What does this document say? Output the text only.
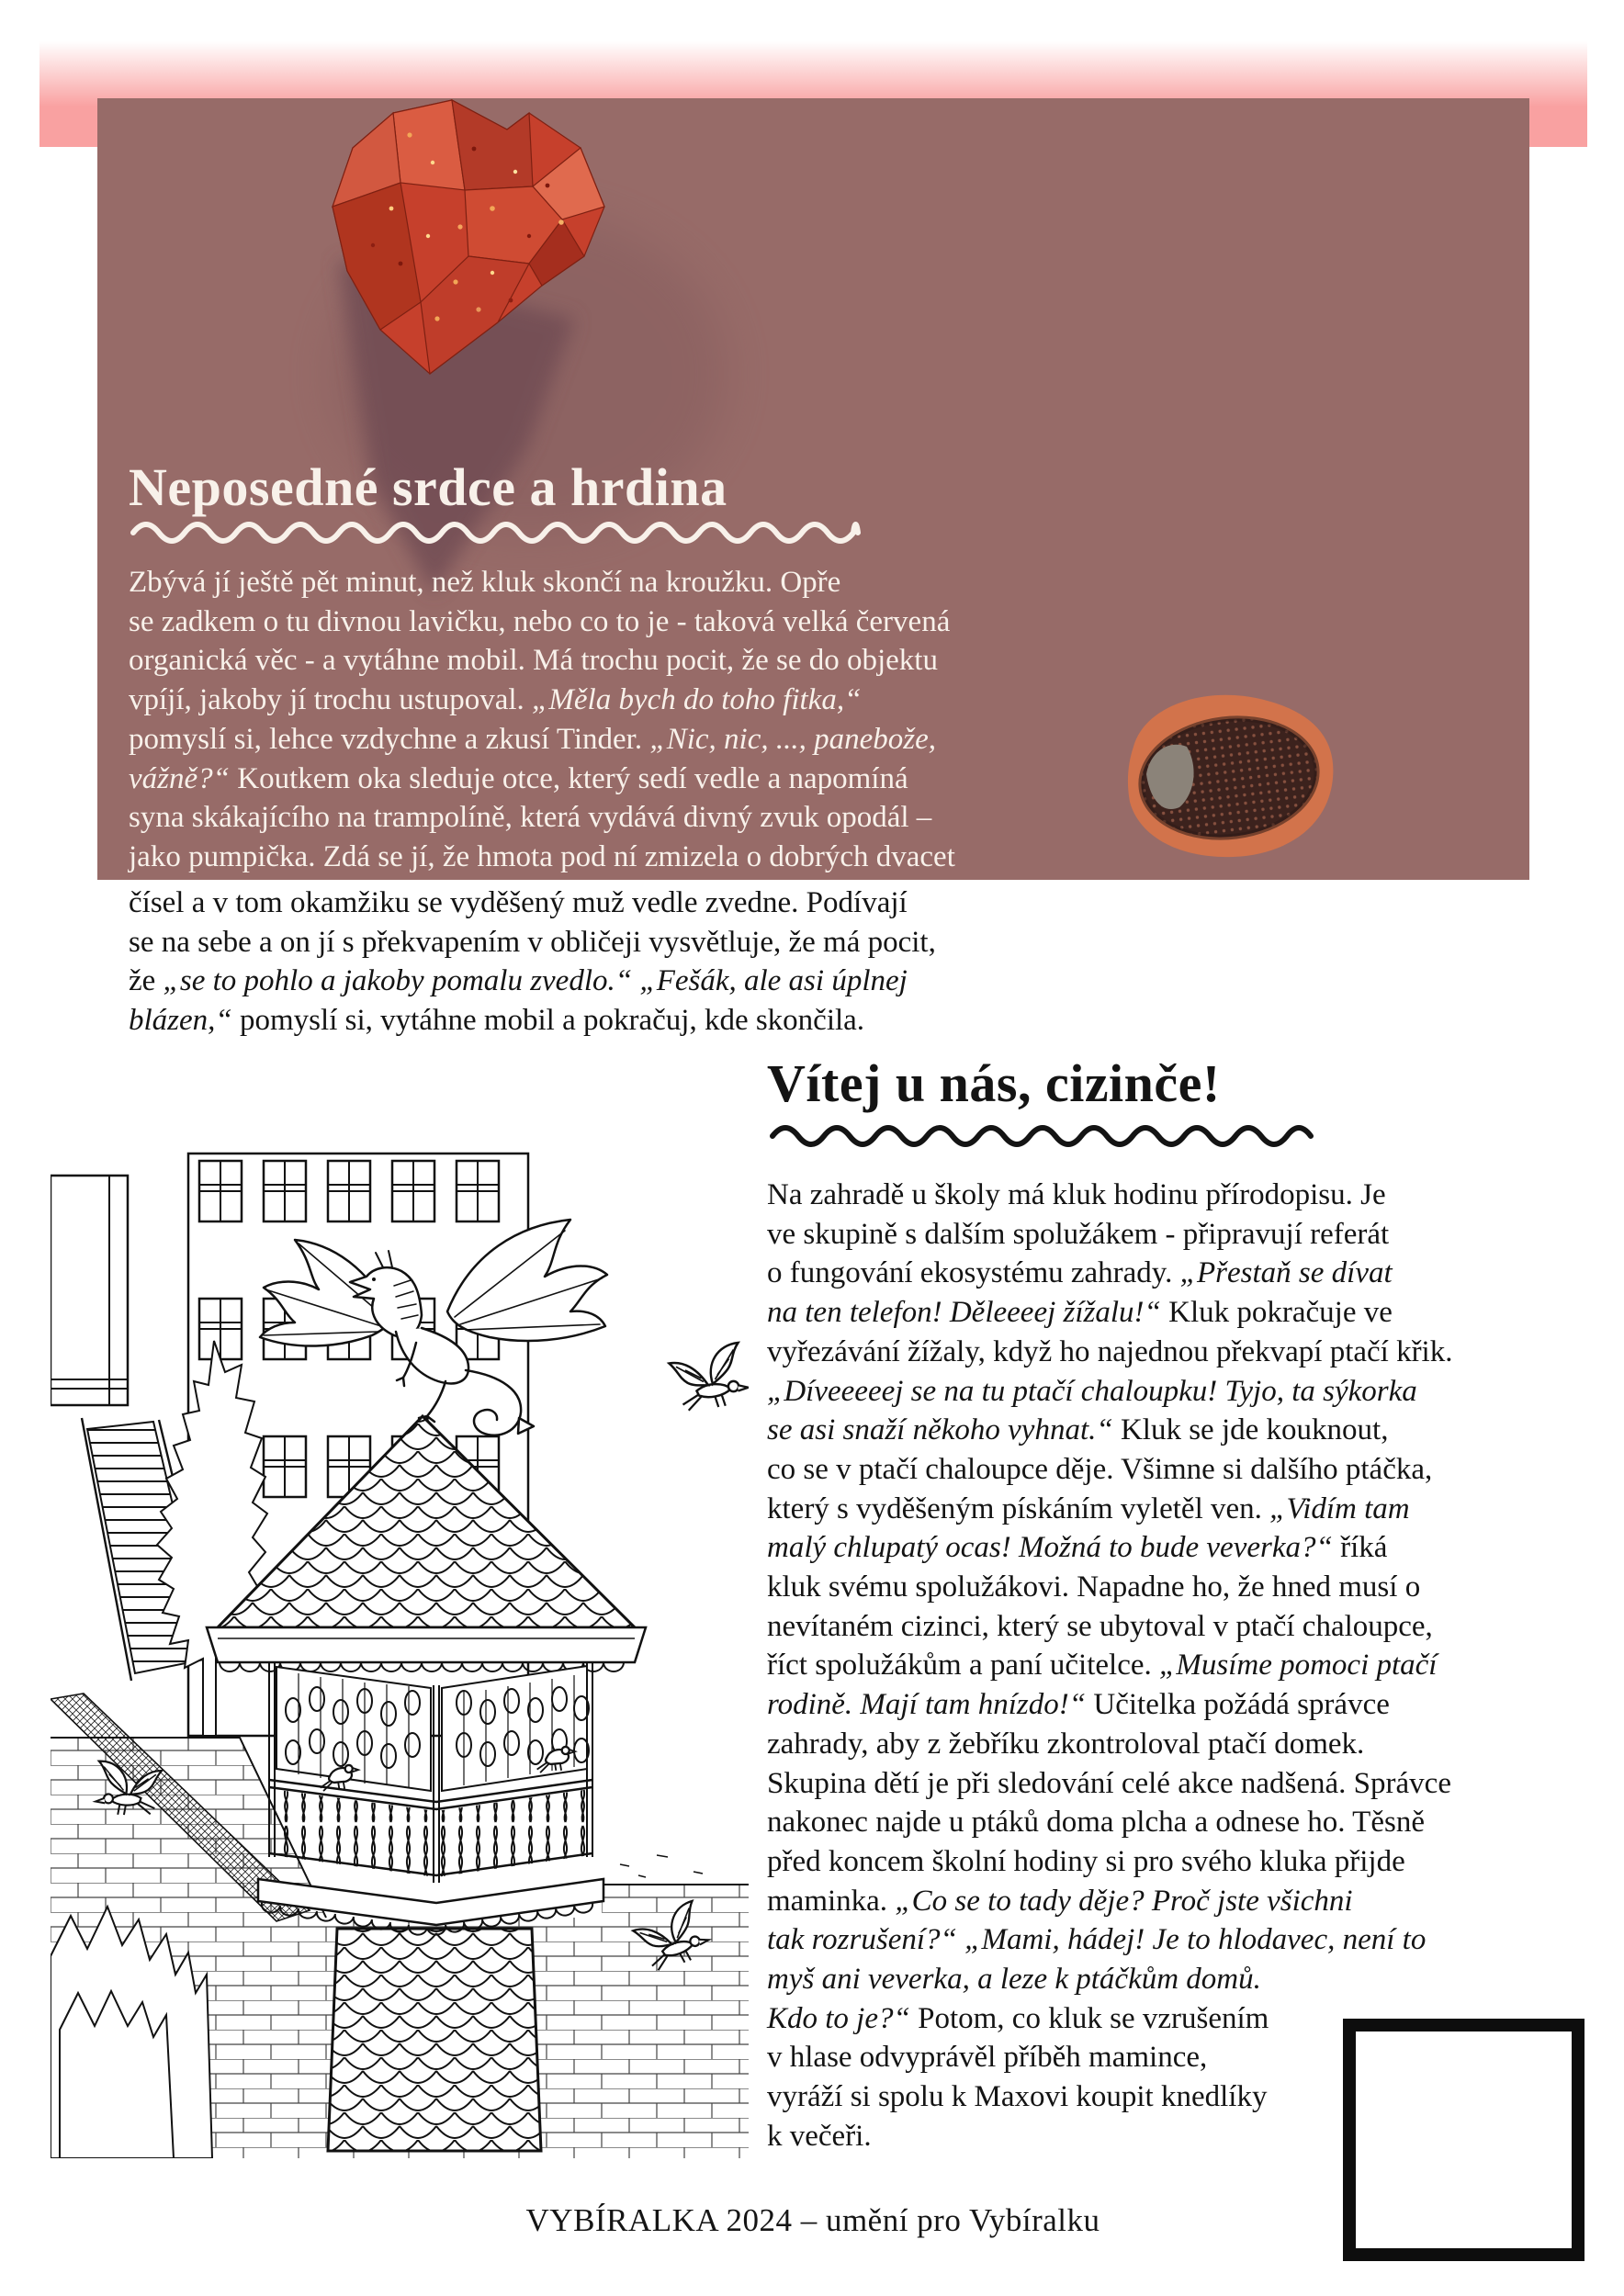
Neposedné srdce a hrdina
Zbývá jí ještě pět minut, než kluk skončí na kroužku. Opře
se zadkem o tu divnou lavičku, nebo co to je - taková velká červená
organická věc - a vytáhne mobil. Má trochu pocit, že se do objektu
vpíjí, jakoby jí trochu ustupoval. „Měla bych do toho fitka,“
pomyslí si, lehce vzdychne a zkusí Tinder. „Nic, nic, ..., panebože,
vážně?“ Koutkem oka sleduje otce, který sedí vedle a napomíná
syna skákajícího na trampolíně, která vydává divný zvuk opodál –
jako pumpička. Zdá se jí, že hmota pod ní zmizela o dobrých dvacet
čísel a v tom okamžiku se vyděšený muž vedle zvedne. Podívají
se na sebe a on jí s překvapením v obličeji vysvětluje, že má pocit,
že „se to pohlo a jakoby pomalu zvedlo.“ „Fešák, ale asi úplnej
blázen,“ pomyslí si, vytáhne mobil a pokračuj, kde skončila.
Vítej u nás, cizinče!
Na zahradě u školy má kluk hodinu přírodopisu. Je
ve skupině s dalším spolužákem - připravují referát
o fungování ekosystému zahrady. „Přestaň se dívat
na ten telefon! Děleeeej žížalu!“ Kluk pokračuje ve
vyřezávání žížaly, když ho najednou překvapí ptačí křik.
„Díveeeeej se na tu ptačí chaloupku! Tyjo, ta sýkorka
se asi snaží někoho vyhnat.“ Kluk se jde kouknout,
co se v ptačí chaloupce děje. Všimne si dalšího ptáčka,
který s vyděšeným pískáním vyletěl ven. „Vidím tam
malý chlupatý ocas! Možná to bude veverka?“ říká
kluk svému spolužákovi. Napadne ho, že hned musí o
nevítaném cizinci, který se ubytoval v ptačí chaloupce,
říct spolužákům a paní učitelce. „Musíme pomoci ptačí
rodině. Mají tam hnízdo!“ Učitelka požádá správce
zahrady, aby z žebříku zkontroloval ptačí domek.
Skupina dětí je při sledování celé akce nadšená. Správce
nakonec najde u ptáků doma plcha a odnese ho. Těsně
před koncem školní hodiny si pro svého kluka přijde
maminka. „Co se to tady děje? Proč jste všichni
tak rozrušení?“ „Mami, hádej! Je to hlodavec, není to
myš ani veverka, a leze k ptáčkům domů.
Kdo to je?“ Potom, co kluk se vzrušením
v hlase odvyprávěl příběh mamince,
vyráží si spolu k Maxovi koupit knedlíky
k večeři.
VYBÍRALKA 2024 – umění pro Vybíralku
